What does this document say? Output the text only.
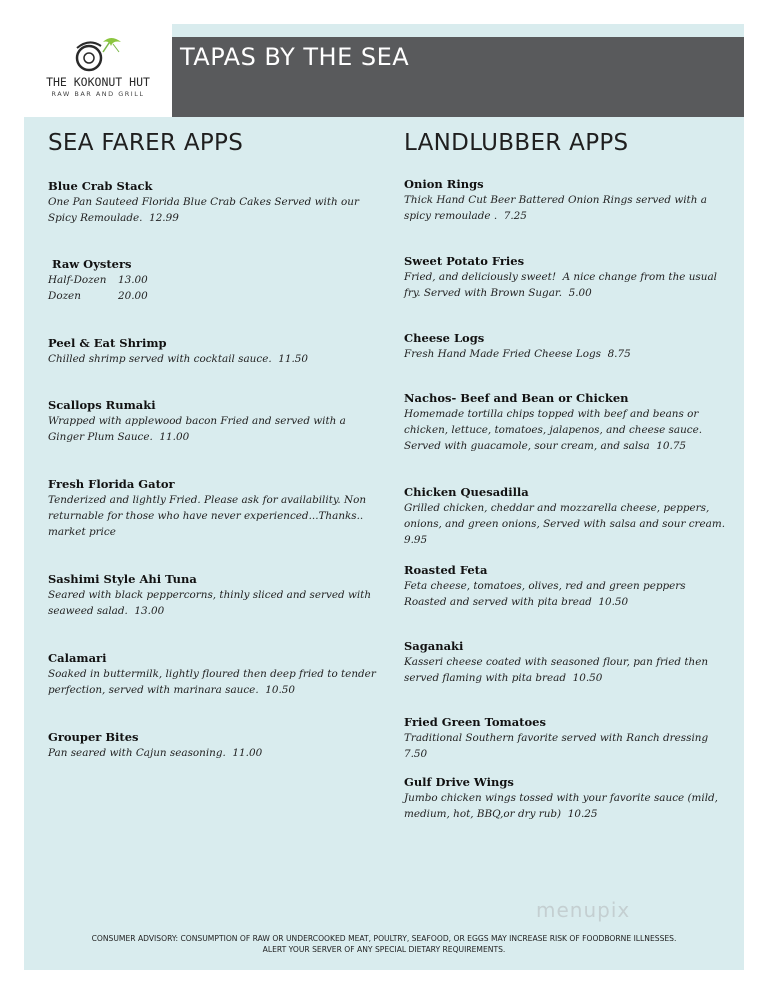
TAPAS BY THE SEA
THE KOKONUT HUT
RAW BAR AND GRILL
SEA FARER APPS
Blue Crab Stack
One Pan Sauteed Florida Blue Crab Cakes Served with our Spicy Remoulade.  12.99
Raw Oysters
Half-Dozen 13.00
Dozen	20.00
Peel & Eat Shrimp
Chilled shrimp served with cocktail sauce.  11.50
Scallops Rumaki
Wrapped with applewood bacon Fried and served with a Ginger Plum Sauce.  11.00
Fresh Florida Gator
Tenderized and lightly Fried. Please ask for availability. Non returnable for those who have never experienced...Thanks.. market price
Sashimi Style Ahi Tuna
Seared with black peppercorns, thinly sliced and served with seaweed salad.  13.00
Calamari
Soaked in buttermilk, lightly floured then deep fried to tender perfection, served with marinara sauce.  10.50
Grouper Bites
Pan seared with Cajun seasoning.  11.00
LANDLUBBER APPS
Onion Rings
Thick Hand Cut Beer Battered Onion Rings served with a spicy remoulade .  7.25
Sweet Potato Fries
Fried, and deliciously sweet!  A nice change from the usual fry. Served with Brown Sugar.  5.00
Cheese Logs
Fresh Hand Made Fried Cheese Logs  8.75
Nachos- Beef and Bean or Chicken
Homemade tortilla chips topped with beef and beans or chicken, lettuce, tomatoes, jalapenos, and cheese sauce.  Served with guacamole, sour cream, and salsa  10.75
Chicken Quesadilla
Grilled chicken, cheddar and mozzarella cheese, peppers, onions, and green onions, Served with salsa and sour cream.  9.95
Roasted Feta
Feta cheese, tomatoes, olives, red and green peppers Roasted and served with pita bread  10.50
Saganaki
Kasseri cheese coated with seasoned flour, pan fried then served flaming with pita bread  10.50
Fried Green Tomatoes
Traditional Southern favorite served with Ranch dressing  7.50
Gulf Drive Wings
Jumbo chicken wings tossed with your favorite sauce (mild, medium, hot, BBQ,or dry rub)  10.25
menupix
CONSUMER ADVISORY: CONSUMPTION OF RAW OR UNDERCOOKED MEAT, POULTRY, SEAFOOD, OR EGGS MAY INCREASE RISK OF FOODBORNE ILLNESSES.
ALERT YOUR SERVER OF ANY SPECIAL DIETARY REQUIREMENTS.
